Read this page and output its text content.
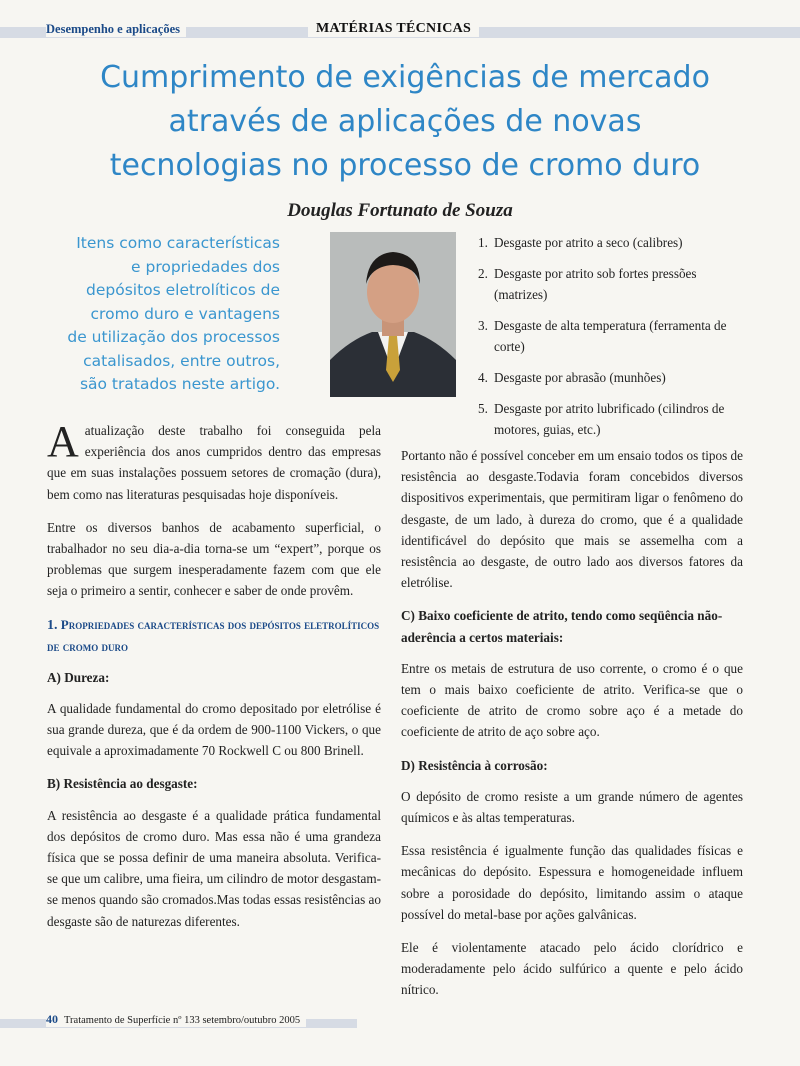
Desempenho e aplicações	MATÉRIAS TÉCNICAS
Cumprimento de exigências de mercado
através de aplicações de novas
tecnologias no processo de cromo duro
Douglas Fortunato de Souza
Itens como características
e propriedades dos
depósitos eletrolíticos de
cromo duro e vantagens
de utilização dos processos
catalisados, entre outros,
são tratados neste artigo.
1. Desgaste por atrito a seco (calibres)
2. Desgaste por atrito sob fortes pressões (matrizes)
3. Desgaste de alta temperatura (ferramenta de corte)
4. Desgaste por abrasão (munhões)
5. Desgaste por atrito lubrificado (cilindros de motores, guias, etc.)

Aatualização deste trabalho foi conseguida pela experiência dos anos cumpridos dentro das empresas que em suas instalações possuem setores de cromação (dura), bem como nas literaturas pesquisadas hoje disponíveis.

Entre os diversos banhos de acabamento superficial, o trabalhador no seu dia-a-dia torna-se um “expert”, porque os problemas que surgem inesperadamente fazem com que ele seja o primeiro a sentir, conhecer e saber de onde provêm.

1. Propriedades características dos depósitos eletrolíticos de cromo duro
A) Dureza:

A qualidade fundamental do cromo depositado por eletrólise é sua grande dureza, que é da ordem de 900-1100 Vickers, o que equivale a aproximadamente 70 Rockwell C ou 800 Brinell.

B) Resistência ao desgaste:

A resistência ao desgaste é a qualidade prática fundamental dos depósitos de cromo duro. Mas essa não é uma grandeza física que se possa definir de uma maneira absoluta. Verifica-se que um calibre, uma fieira, um cilindro de motor desgastam-se menos quando são cromados.Mas todas essas resistências ao desgaste são de naturezas diferentes.

Portanto não é possível conceber em um ensaio todos os tipos de resistência ao desgaste.Todavia foram concebidos diversos dispositivos experimentais, que permitiram ligar o fenômeno do desgaste, de um lado, à dureza do cromo, que é a qualidade identificável do depósito que mais se assemelha com a resistência ao desgaste, de outro lado aos diversos fatores da eletrólise.

C) Baixo coeficiente de atrito, tendo como seqüência não-aderência a certos materiais:

Entre os metais de estrutura de uso corrente, o cromo é o que tem o mais baixo coeficiente de atrito. Verifica-se que o coeficiente de atrito de cromo sobre aço é a metade do coeficiente de atrito de aço sobre aço.

D) Resistência à corrosão:

O depósito de cromo resiste a um grande número de agentes químicos e às altas temperaturas.

Essa resistência é igualmente função das qualidades físicas e mecânicas do depósito. Espessura e homogeneidade influem sobre a porosidade do depósito, limitando assim o ataque possível do metal-base por ações galvânicas.

Ele é violentamente atacado pelo ácido clorídrico e moderadamente pelo ácido sulfúrico a quente e pelo ácido nítrico.

40 Tratamento de Superfície nº 133 setembro/outubro 2005
